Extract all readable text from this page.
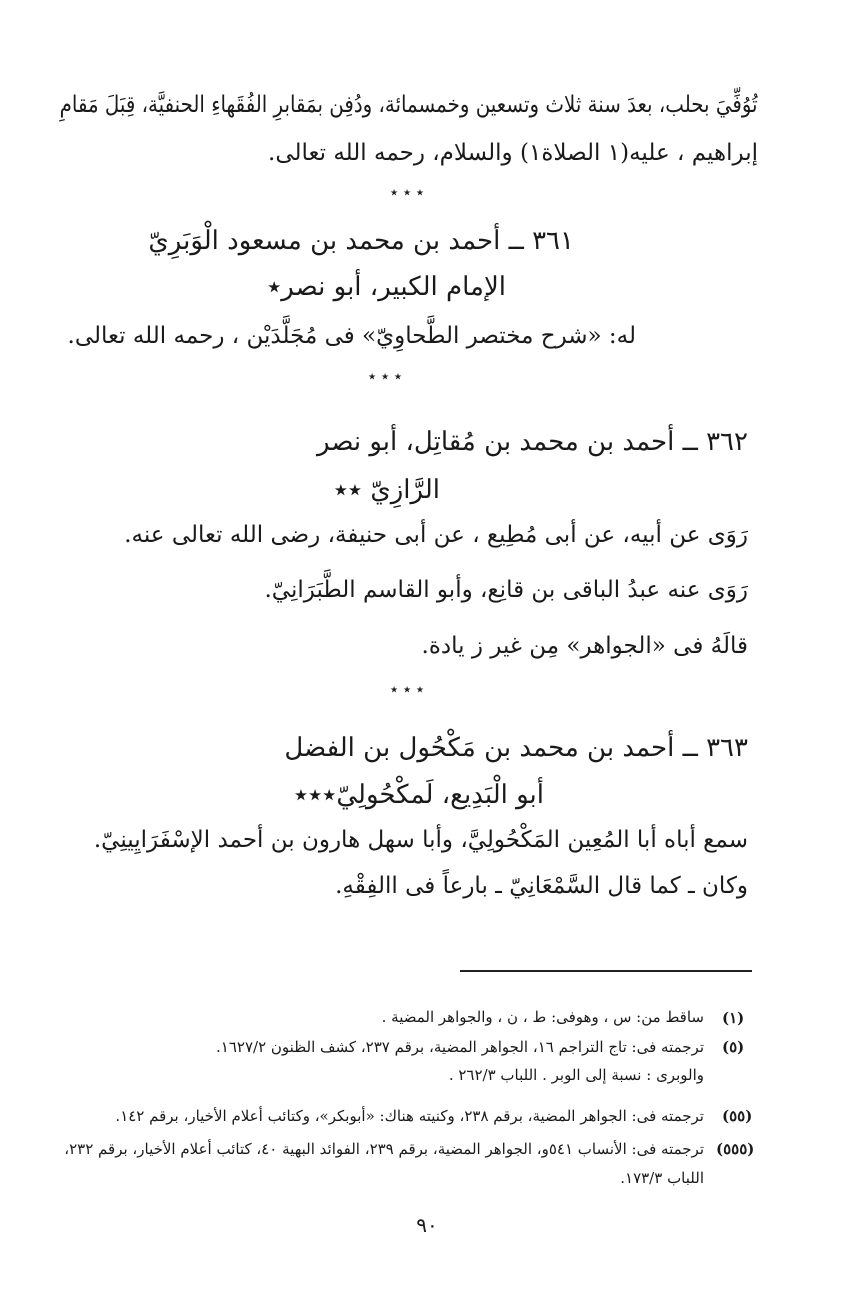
تُوُفِّيَ بحلب، بعدَ سنة ثلاث وتسعين وخمسمائة، ودُفِن بمَقابرِ الفُقَهاءِ الحنفيَّة، قِبَلَ مَقامِ

إبراهيم ، عليه(١ الصلاة١) والسلام، رحمه الله تعالى.

٭ ٭ ٭

٣٦١ ــ أحمد بن محمد بن مسعود الْوَبَرِيّ

الإمام الكبير، أبو نصر٭

له: «شرح مختصر الطَّحاوِيّ» فى مُجَلَّدَيْن ، رحمه الله تعالى.

٭ ٭ ٭

٣٦٢ ــ أحمد بن محمد بن مُقاتِل، أبو نصر

الرَّازِيّ ٭٭

رَوَى عن أبيه، عن أبى مُطِيع ، عن أبى حنيفة، رضى الله تعالى عنه.

رَوَى عنه عبدُ الباقى بن قانِع، وأبو القاسم الطَّبَرَانِيّ.

قالَهُ فى «الجواهر» مِن غير ز يادة.

٭ ٭ ٭

٣٦٣ ــ أحمد بن محمد بن مَكْحُول بن الفضل

أبو الْبَدِيع، لَمكْحُولِيّ٭٭٭

سمع أباه أبا المُعِين المَكْحُولِيَّ، وأبا سهل هارون بن أحمد الإسْفَرَايِينِيّ.

وكان ـ كما قال السَّمْعَانِيّ ـ بارعاً فى االفِقْهِ.

(١)

ساقط من: س ، وهوفى: ط ، ن ، والجواهر المضية .

(٥)

ترجمته فى: تاج التراجم ١٦، الجواهر المضية، برقم ٢٣٧، كشف الظنون ١٦٢٧/٢.

والوبرى : نسبة إلى الوبر . اللباب ٢٦٢/٣ .

(٥٥)

ترجمته فى: الجواهر المضية، برقم ٢٣٨، وكنيته هناك: «أبوبكر»، وكتائب أعلام الأخيار، برقم ١٤٢.

(٥٥٥)

ترجمته فى: الأنساب ٥٤١و، الجواهر المضية، برقم ٢٣٩، الفوائد البهية ٤٠، كتائب أعلام الأخيار، برقم ٢٣٢،

اللباب ١٧٣/٣.

٩٠
